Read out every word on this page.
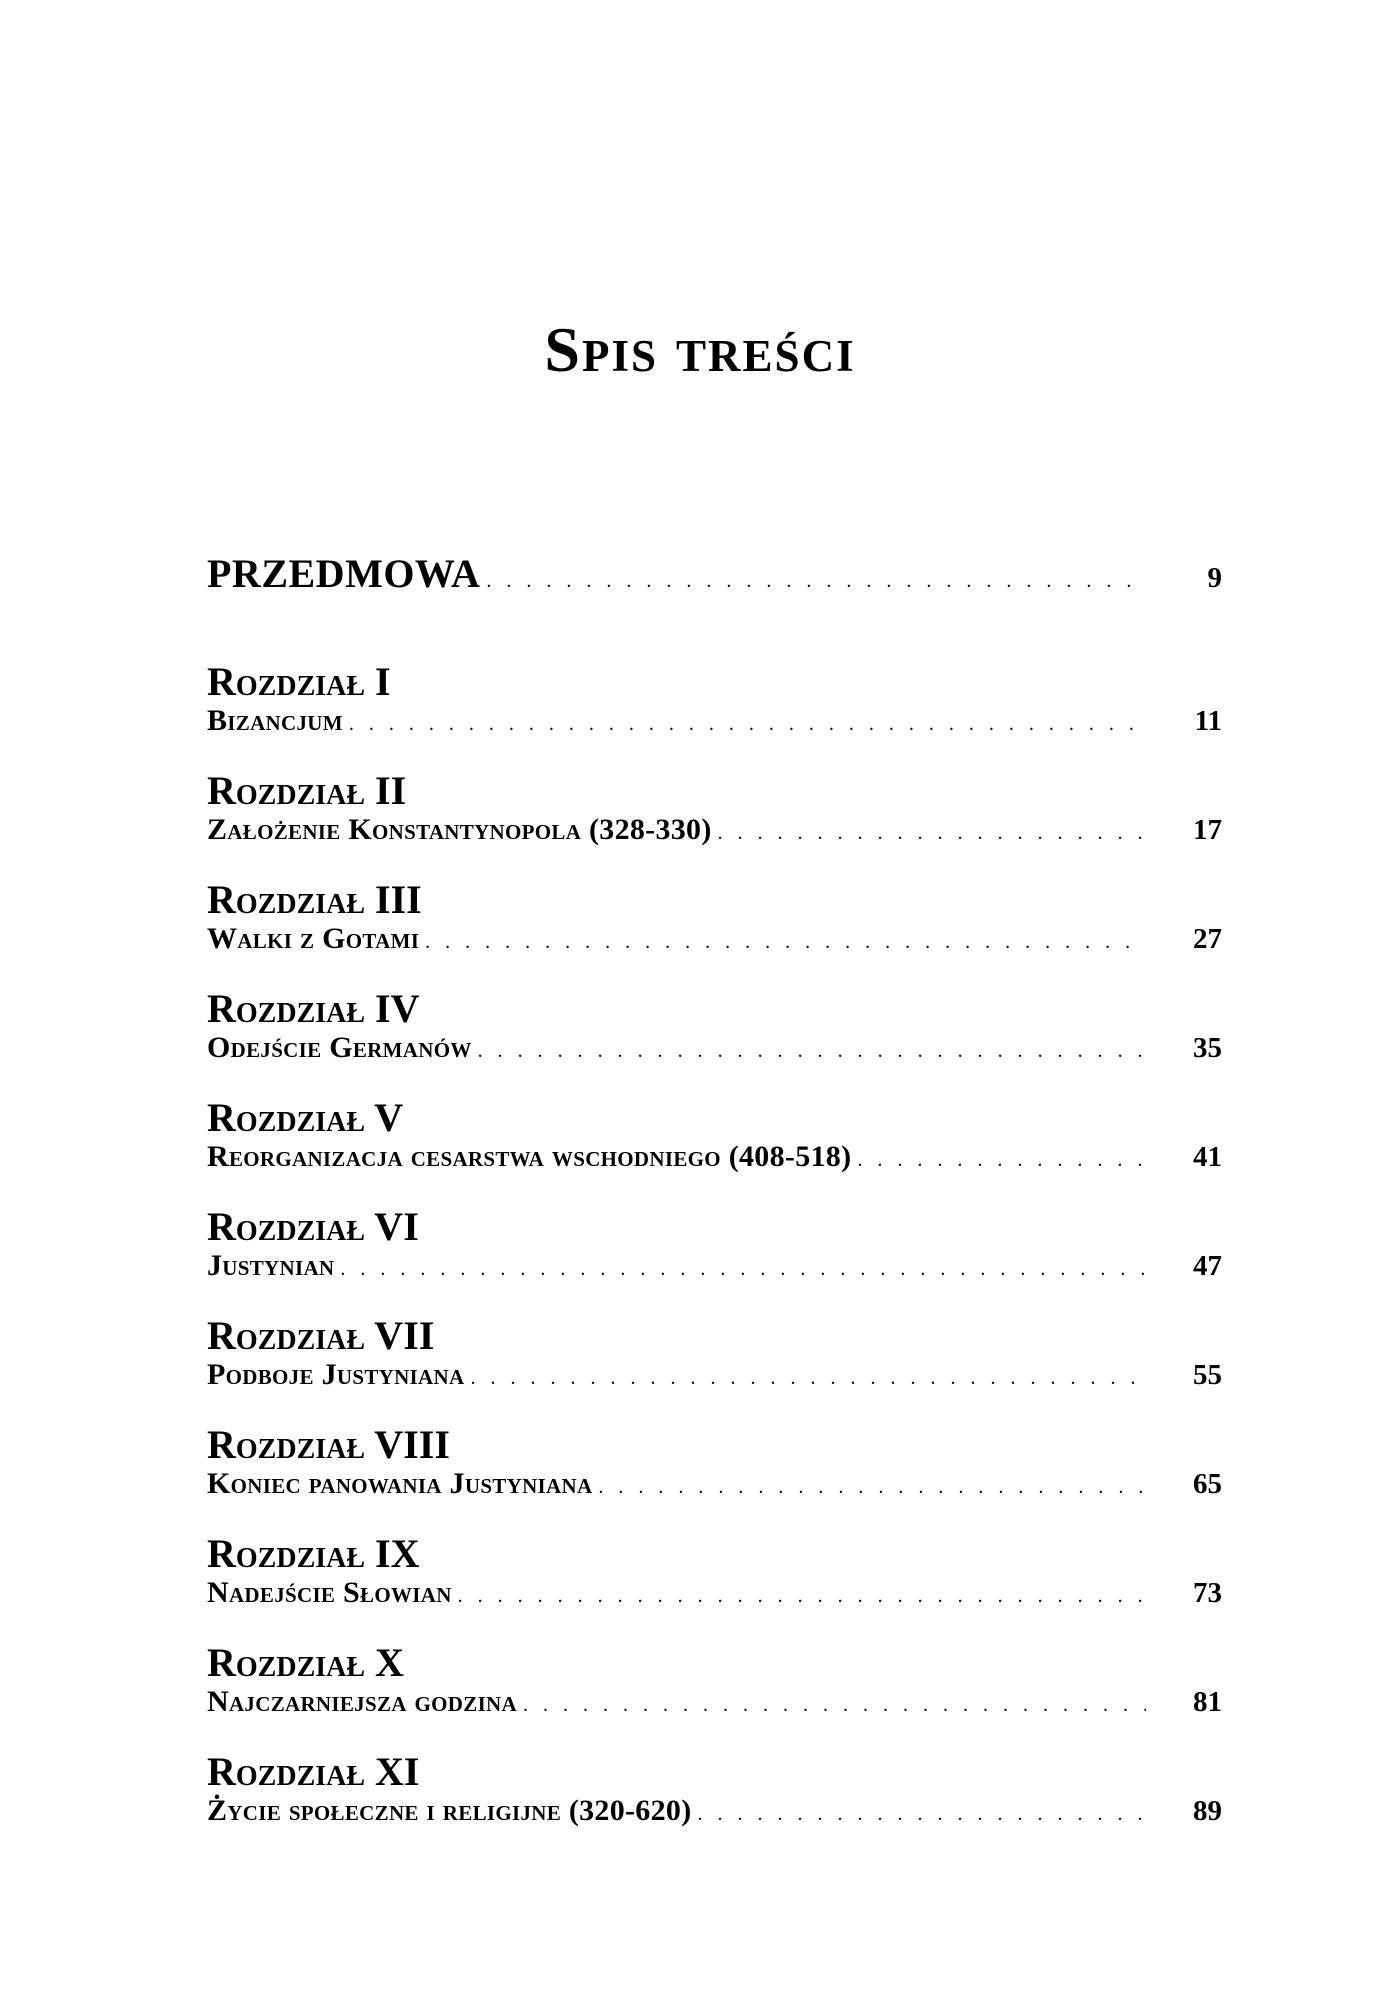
Spis treści
PRZEDMOWA . . .	9
Rozdział I
Bizancjum . . .	11
Rozdział II
Założenie Konstantynopola (328-330) . . .	17
Rozdział III
Walki z Gotami . . .	27
Rozdział IV
Odejście Germanów . . .	35
Rozdział V
Reorganizacja cesarstwa wschodniego (408-518) . . .	41
Rozdział VI
Justynian . . .	47
Rozdział VII
Podboje Justyniana . . .	55
Rozdział VIII
Koniec panowania Justyniana . . .	65
Rozdział IX
Nadejście Słowian . . .	73
Rozdział X
Najczarniejsza godzina . . .	81
Rozdział XI
Życie społeczne i religijne (320-620) . . .	89
